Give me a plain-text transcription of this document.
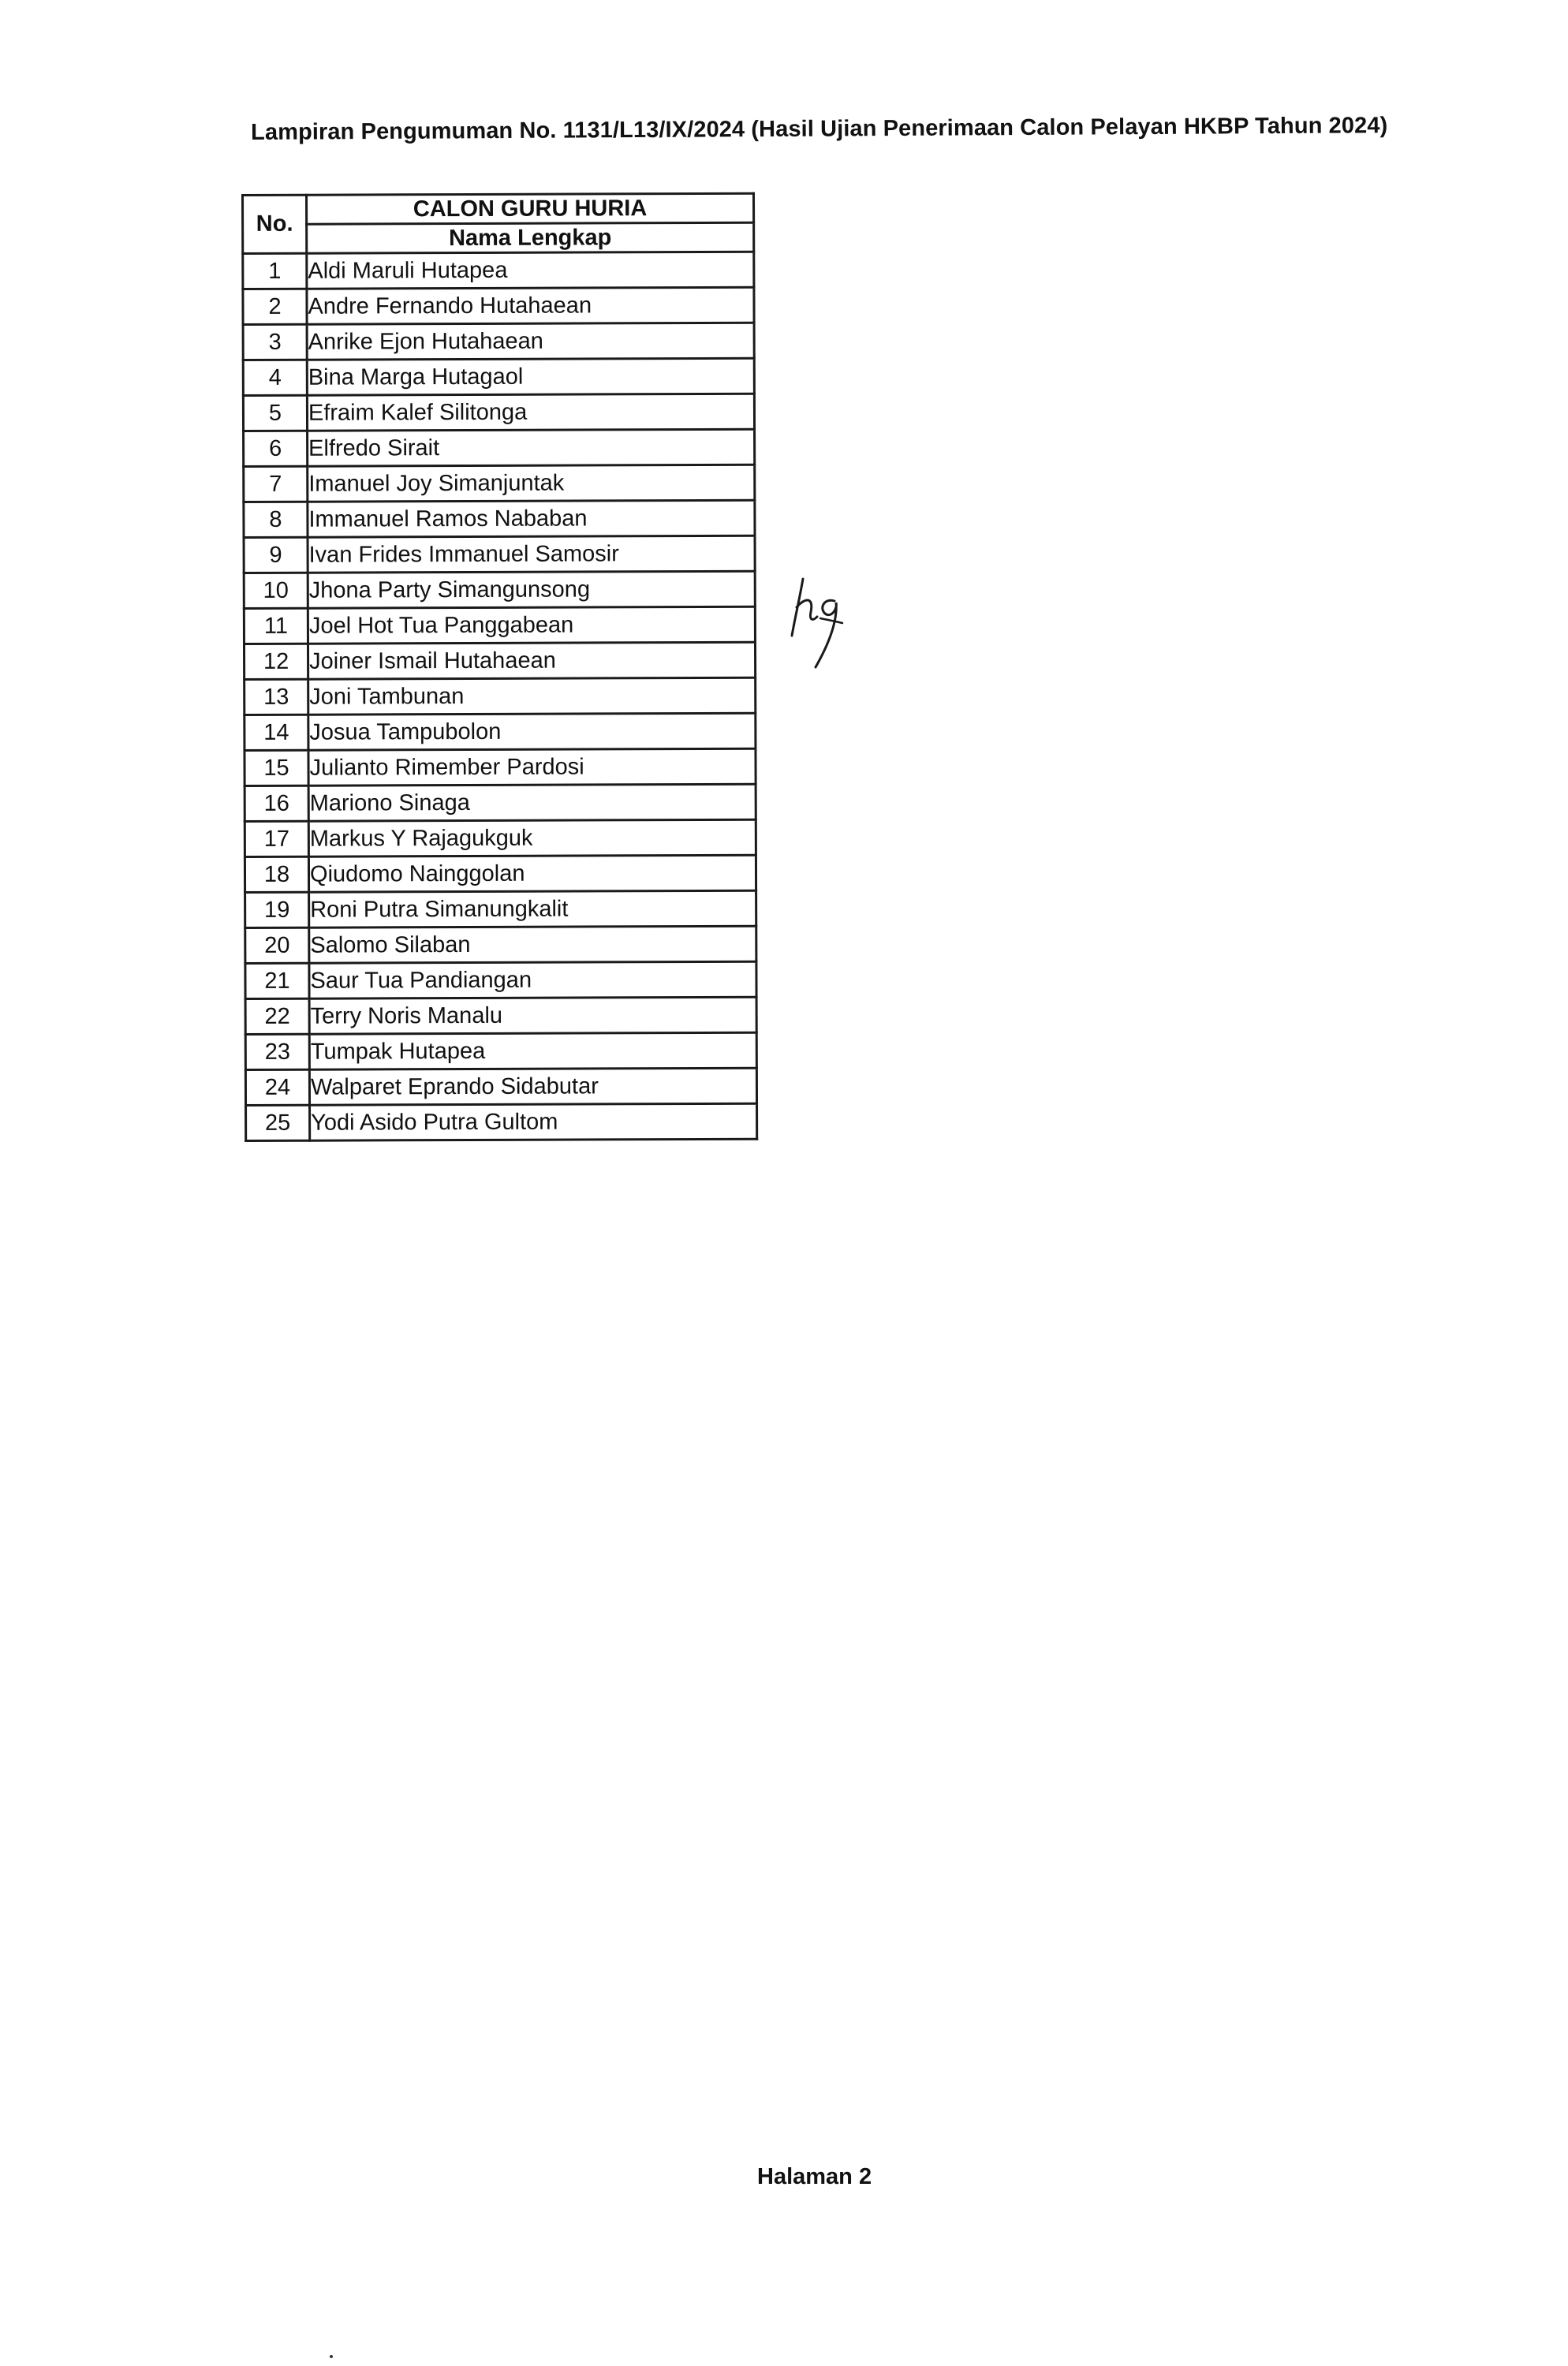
Lampiran Pengumuman No. 1131/L13/IX/2024 (Hasil Ujian Penerimaan Calon Pelayan HKBP Tahun 2024)
No.	CALON GURU HURIA
	Nama Lengkap
1	Aldi Maruli Hutapea
2	Andre Fernando Hutahaean
3	Anrike Ejon Hutahaean
4	Bina Marga Hutagaol
5	Efraim Kalef Silitonga
6	Elfredo Sirait
7	Imanuel Joy Simanjuntak
8	Immanuel Ramos Nababan
9	Ivan Frides Immanuel Samosir
10	Jhona Party Simangunsong
11	Joel Hot Tua Panggabean
12	Joiner Ismail Hutahaean
13	Joni Tambunan
14	Josua Tampubolon
15	Julianto Rimember Pardosi
16	Mariono Sinaga
17	Markus Y Rajagukguk
18	Qiudomo Nainggolan
19	Roni Putra Simanungkalit
20	Salomo Silaban
21	Saur Tua Pandiangan
22	Terry Noris Manalu
23	Tumpak Hutapea
24	Walparet Eprando Sidabutar
25	Yodi Asido Putra Gultom
Halaman 2
